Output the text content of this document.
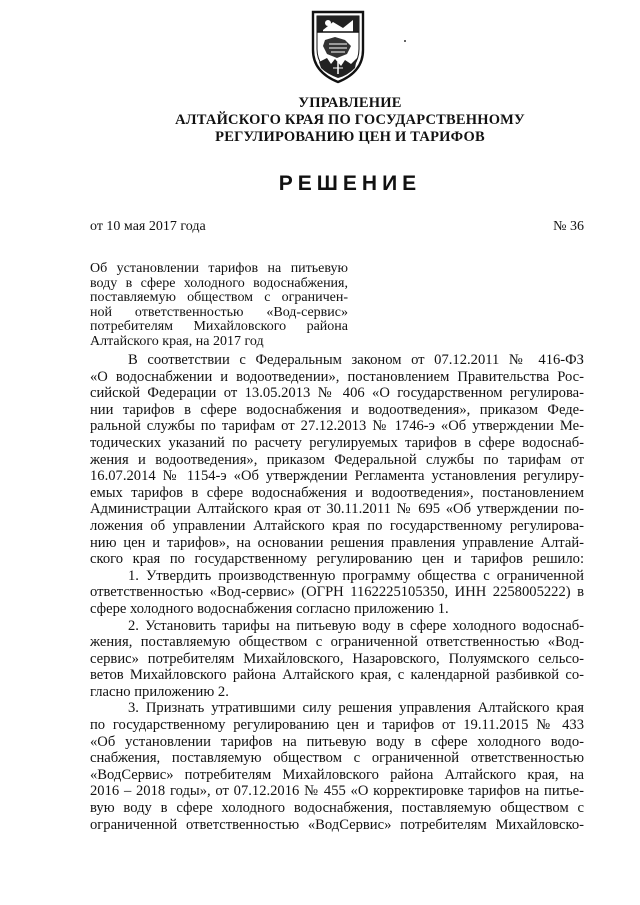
УПРАВЛЕНИЕ
АЛТАЙСКОГО КРАЯ ПО ГОСУДАРСТВЕННОМУ
РЕГУЛИРОВАНИЮ ЦЕН И ТАРИФОВ
РЕШЕНИЕ
от 10 мая 2017 года	№ 36
Об установлении тарифов на питьевую
воду в сфере холодного водоснабжения,
поставляемую обществом с ограничен-
ной ответственностью «Вод-сервис»
потребителям Михайловского района
Алтайского края, на 2017 год

В соответствии с Федеральным законом от 07.12.2011 № 416-ФЗ
«О водоснабжении и водоотведении», постановлением Правительства Рос-
сийской Федерации от 13.05.2013 № 406 «О государственном регулирова-
нии тарифов в сфере водоснабжения и водоотведения», приказом Феде-
ральной службы по тарифам от 27.12.2013 № 1746-э «Об утверждении Ме-
тодических указаний по расчету регулируемых тарифов в сфере водоснаб-
жения и водоотведения», приказом Федеральной службы по тарифам от
16.07.2014 № 1154-э «Об утверждении Регламента установления регулиру-
емых тарифов в сфере водоснабжения и водоотведения», постановлением
Администрации Алтайского края от 30.11.2011 № 695 «Об утверждении по-
ложения об управлении Алтайского края по государственному регулирова-
нию цен и тарифов», на основании решения правления управление Алтай-
ского края по государственному регулированию цен и тарифов решило:

1. Утвердить производственную программу общества с ограниченной
ответственностью «Вод-сервис» (ОГРН 1162225105350, ИНН 2258005222) в
сфере холодного водоснабжения согласно приложению 1.

2. Установить тарифы на питьевую воду в сфере холодного водоснаб-
жения, поставляемую обществом с ограниченной ответственностью «Вод-
сервис» потребителям Михайловского, Назаровского, Полуямского сельсо-
ветов Михайловского района Алтайского края, с календарной разбивкой со-
гласно приложению 2.

3. Признать утратившими силу решения управления Алтайского края
по государственному регулированию цен и тарифов от 19.11.2015 № 433
«Об установлении тарифов на питьевую воду в сфере холодного водо-
снабжения, поставляемую обществом с ограниченной ответственностью
«ВодСервис» потребителям Михайловского района Алтайского края, на
2016 – 2018 годы», от 07.12.2016 № 455 «О корректировке тарифов на питье-
вую воду в сфере холодного водоснабжения, поставляемую обществом с
ограниченной ответственностью «ВодСервис» потребителям Михайловско-
